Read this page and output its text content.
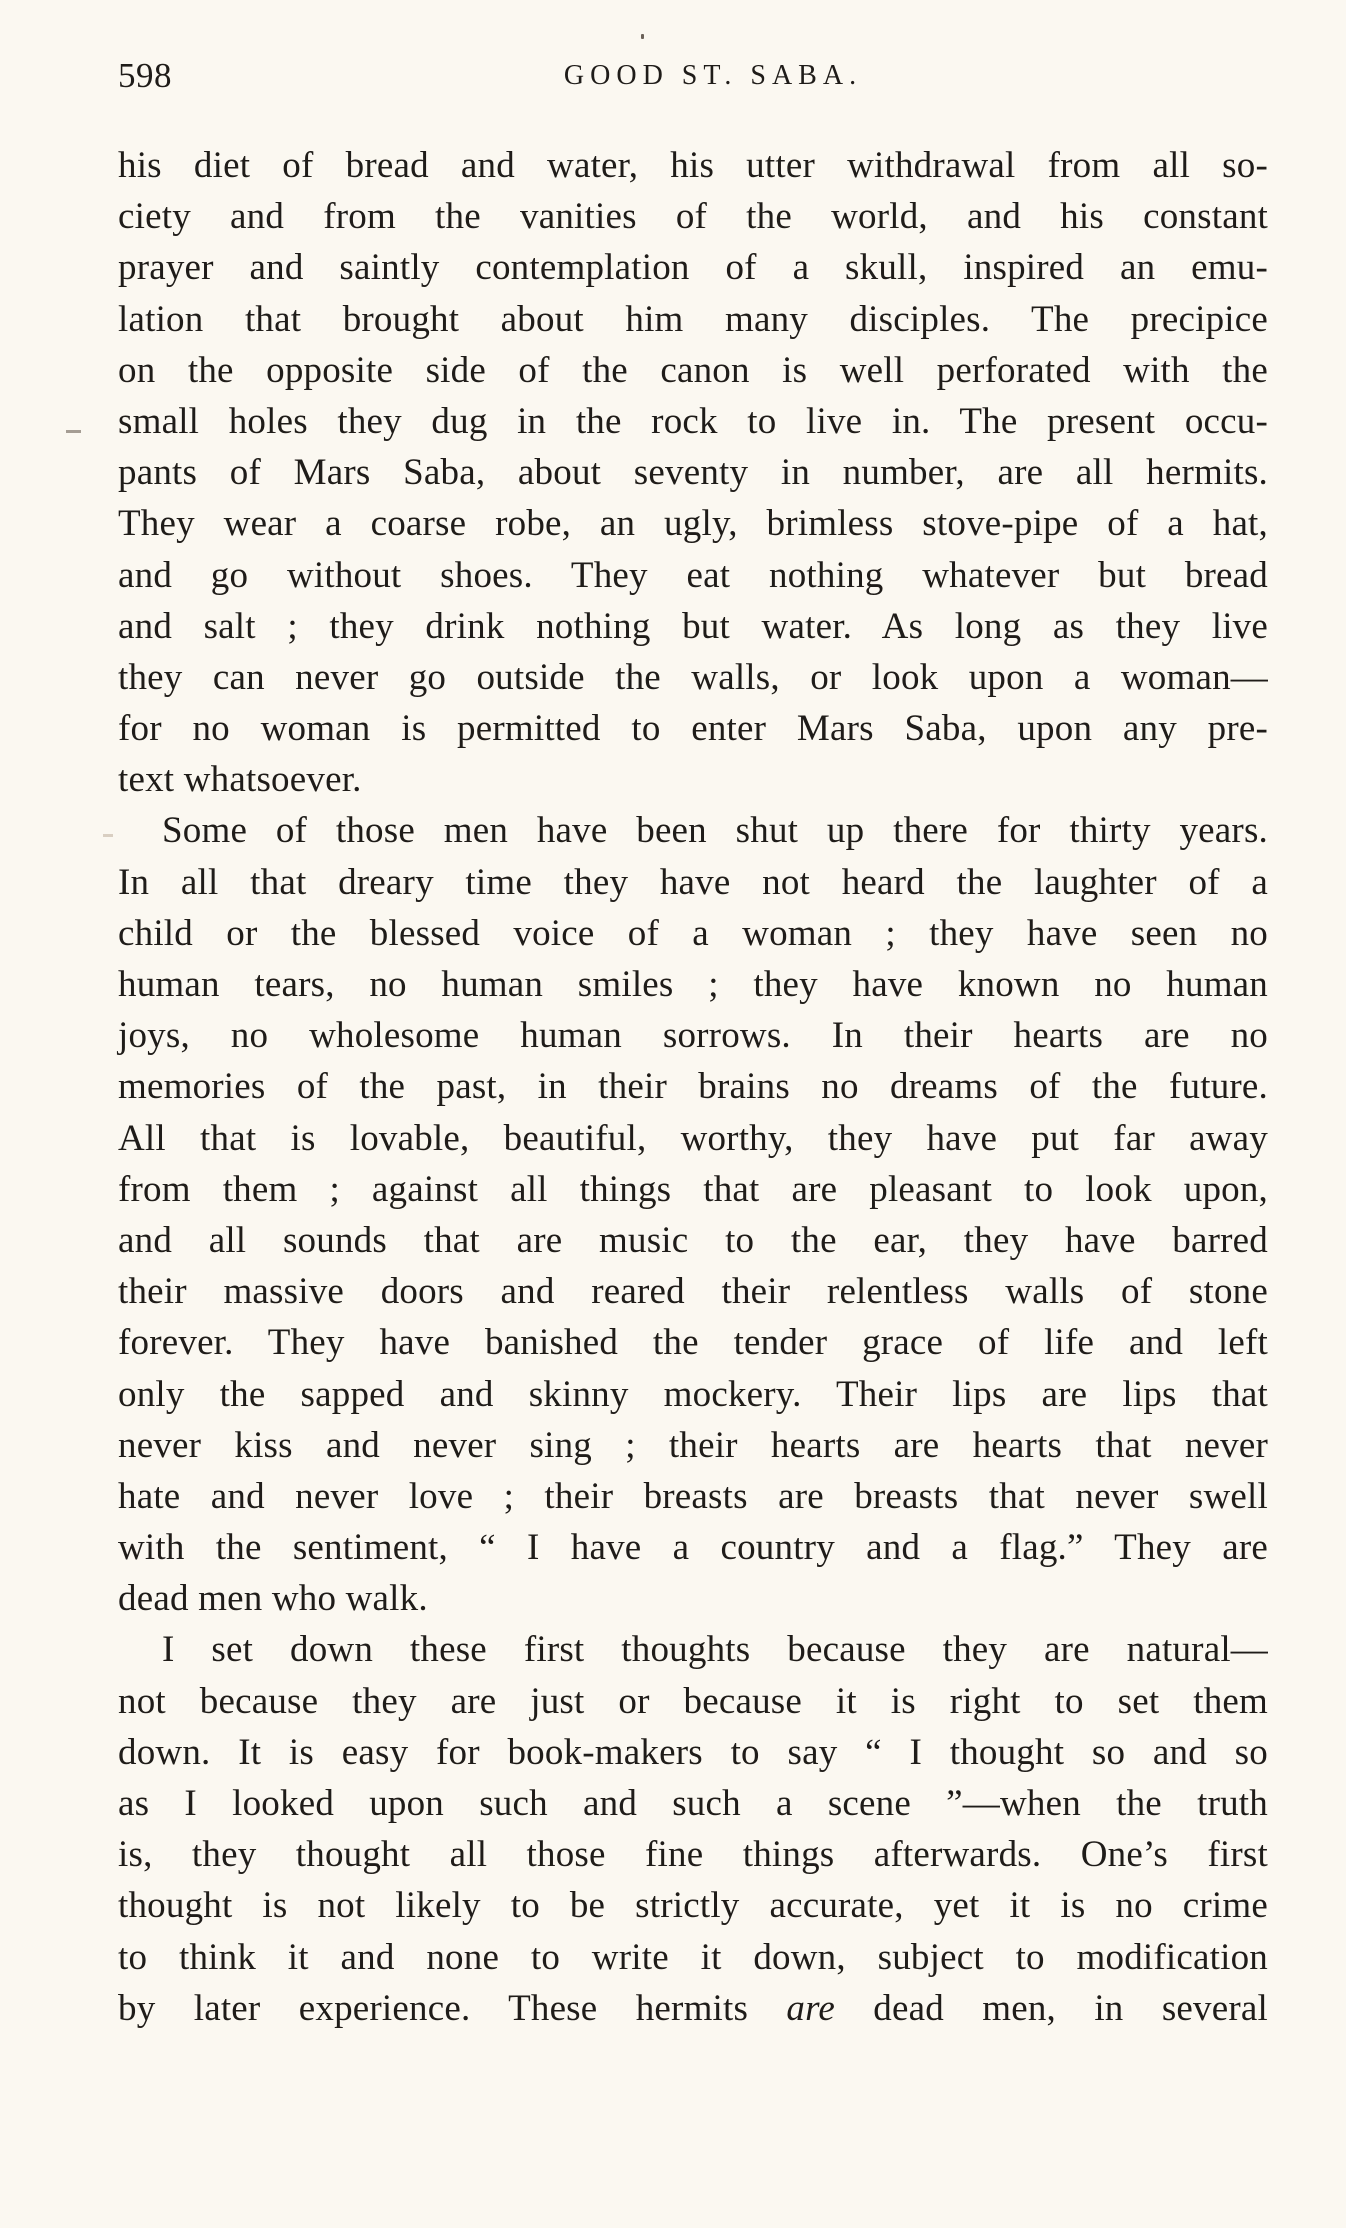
598	GOOD ST. SABA.
his diet of bread and water, his utter withdrawal from all so-
ciety and from the vanities of the world, and his constant
prayer and saintly contemplation of a skull, inspired an emu-
lation that brought about him many disciples. The precipice
on the opposite side of the canon is well perforated with the
small holes they dug in the rock to live in. The present occu-
pants of Mars Saba, about seventy in number, are all hermits.
They wear a coarse robe, an ugly, brimless stove-pipe of a hat,
and go without shoes. They eat nothing whatever but bread
and salt ; they drink nothing but water. As long as they live
they can never go outside the walls, or look upon a woman—
for no woman is permitted to enter Mars Saba, upon any pre-
text whatsoever.
Some of those men have been shut up there for thirty years.
In all that dreary time they have not heard the laughter of a
child or the blessed voice of a woman ; they have seen no
human tears, no human smiles ; they have known no human
joys, no wholesome human sorrows. In their hearts are no
memories of the past, in their brains no dreams of the future.
All that is lovable, beautiful, worthy, they have put far away
from them ; against all things that are pleasant to look upon,
and all sounds that are music to the ear, they have barred
their massive doors and reared their relentless walls of stone
forever. They have banished the tender grace of life and left
only the sapped and skinny mockery. Their lips are lips that
never kiss and never sing ; their hearts are hearts that never
hate and never love ; their breasts are breasts that never swell
with the sentiment, “ I have a country and a flag.” They are
dead men who walk.
I set down these first thoughts because they are natural—
not because they are just or because it is right to set them
down. It is easy for book-makers to say “ I thought so and so
as I looked upon such and such a scene ”—when the truth
is, they thought all those fine things afterwards. One’s first
thought is not likely to be strictly accurate, yet it is no crime
to think it and none to write it down, subject to modification
by later experience. These hermits are dead men, in several
